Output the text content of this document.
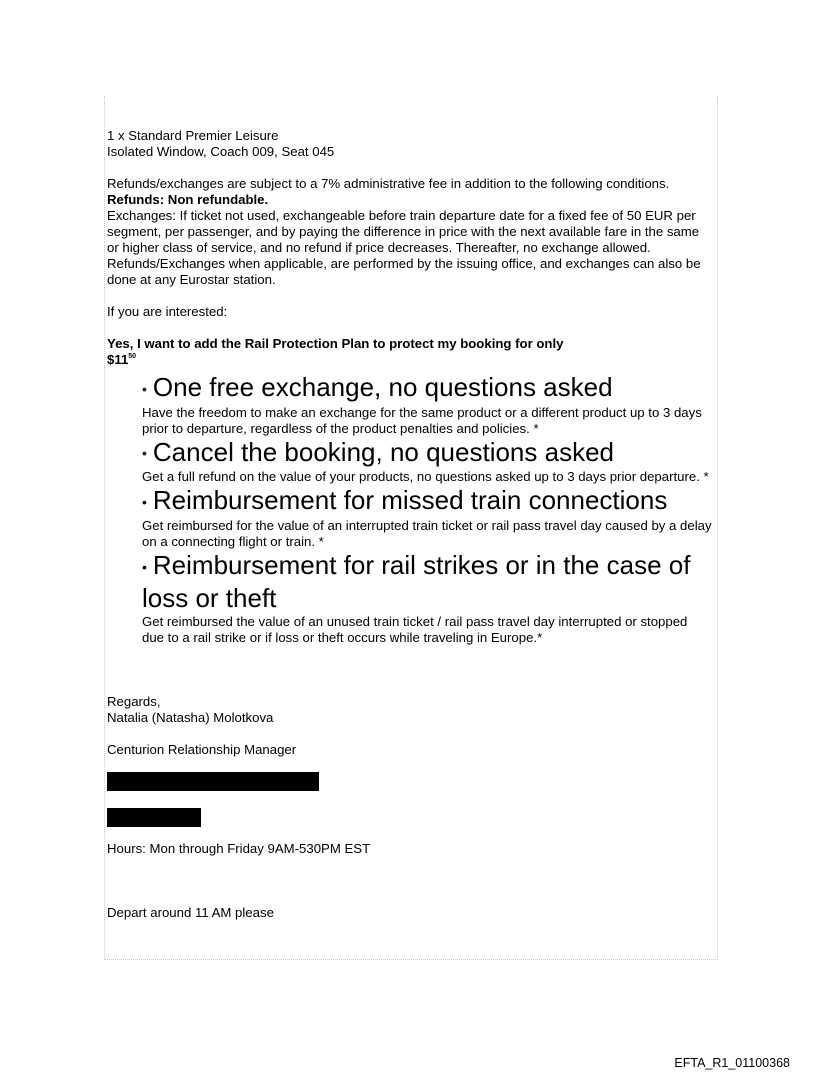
1 x Standard Premier Leisure

Isolated Window, Coach 009, Seat 045

Refunds/exchanges are subject to a 7% administrative fee in addition to the following conditions.

Refunds: Non refundable.

Exchanges: If ticket not used, exchangeable before train departure date for a fixed fee of 50 EUR per segment, per passenger, and by paying the difference in price with the next available fare in the same or higher class of service, and no refund if price decreases. Thereafter, no exchange allowed.

Refunds/Exchanges when applicable, are performed by the issuing office, and exchanges can also be done at any Eurostar station.

If you are interested:

Yes, I want to add the Rail Protection Plan to protect my booking for only

$\$11^{50}$

• One free exchange, no questions asked

Have the freedom to make an exchange for the same product or a different product up to 3 days prior to departure, regardless of the product penalties and policies. *

• Cancel the booking, no questions asked

Get a full refund on the value of your products, no questions asked up to 3 days prior departure. *

• Reimbursement for missed train connections

Get reimbursed for the value of an interrupted train ticket or rail pass travel day caused by a delay on a connecting flight or train. *

• Reimbursement for rail strikes or in the case of loss or theft

Get reimbursed the value of an unused train ticket / rail pass travel day interrupted or stopped due to a rail strike or if loss or theft occurs while traveling in Europe.*

Regards,

Natalia (Natasha) Molotkova

Centurion Relationship Manager

Hours: Mon through Friday 9AM-530PM EST

Depart around 11 AM please

EFTA_R1_01100368
